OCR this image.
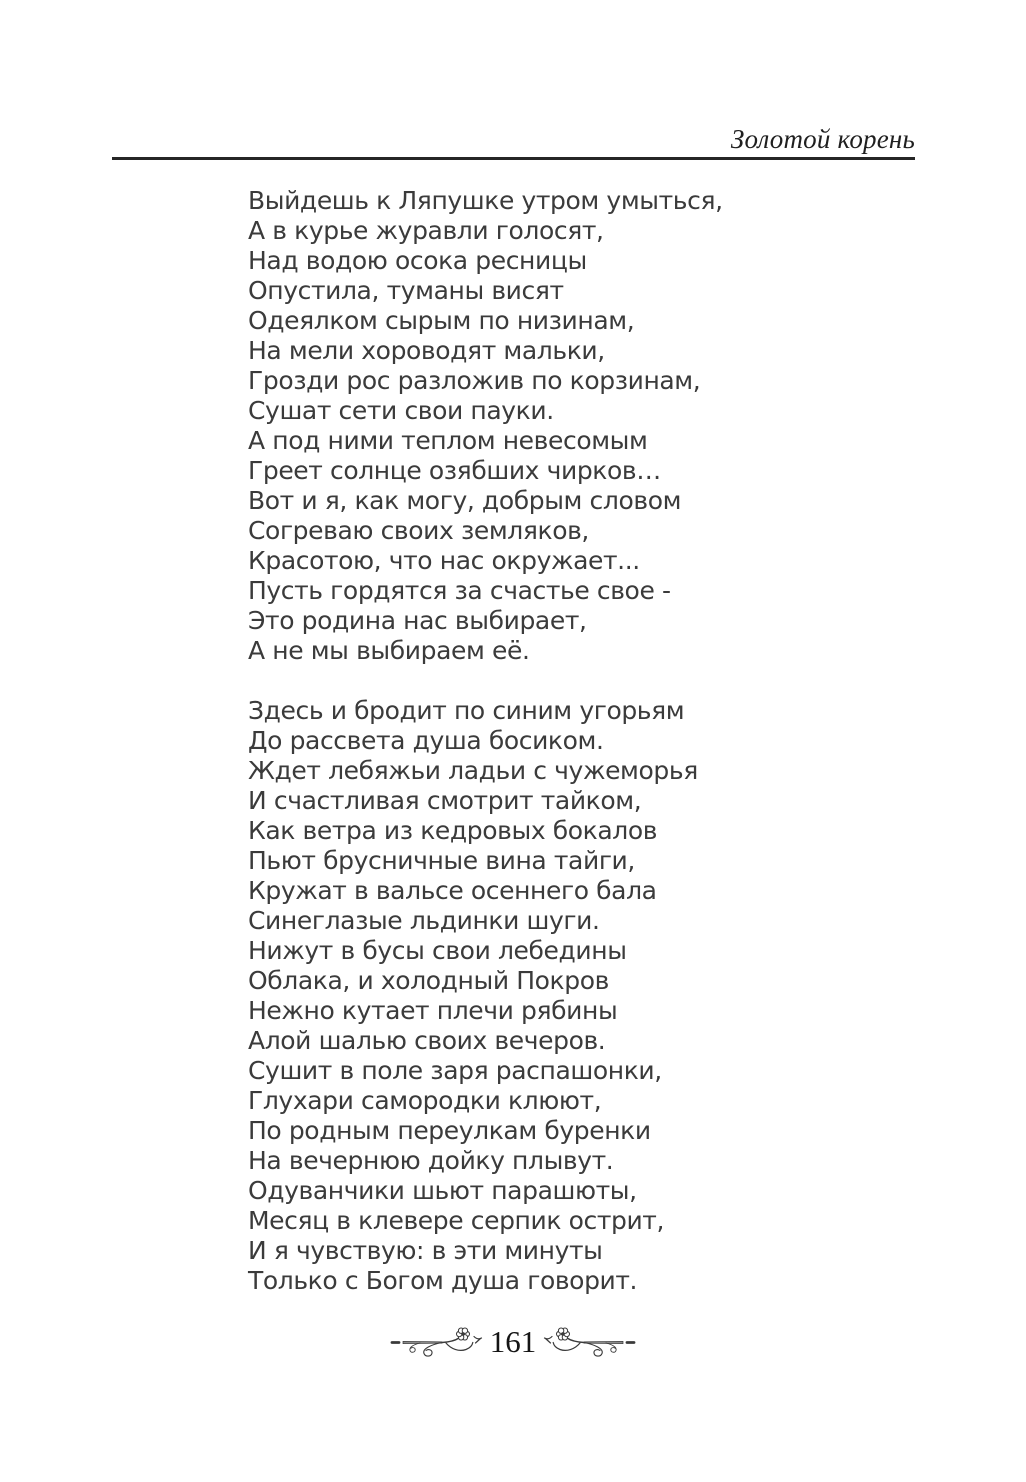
Золотой корень
Выйдешь к Ляпушке утром умыться,
А в курье журавли голосят,
Над водою осока ресницы
Опустила, туманы висят
Одеялком сырым по низинам,
На мели хороводят мальки,
Грозди рос разложив по корзинам,
Сушат сети свои пауки.
А под ними теплом невесомым
Греет солнце озябших чирков…
Вот и я, как могу, добрым словом
Согреваю своих земляков,
Красотою, что нас окружает...
Пусть гордятся за счастье свое -
Это родина нас выбирает,
А не мы выбираем её.
Здесь и бродит по синим угорьям
До рассвета душа босиком.
Ждет лебяжьи ладьи с чужеморья
И счастливая смотрит тайком,
Как ветра из кедровых бокалов
Пьют брусничные вина тайги,
Кружат в вальсе осеннего бала
Синеглазые льдинки шуги.
Нижут в бусы свои лебедины
Облака, и холодный Покров
Нежно кутает плечи рябины
Алой шалью своих вечеров.
Сушит в поле заря распашонки,
Глухари самородки клюют,
По родным переулкам буренки
На вечернюю дойку плывут.
Одуванчики шьют парашюты,
Месяц в клевере серпик острит,
И я чувствую: в эти минуты
Только с Богом душа говорит.
161
